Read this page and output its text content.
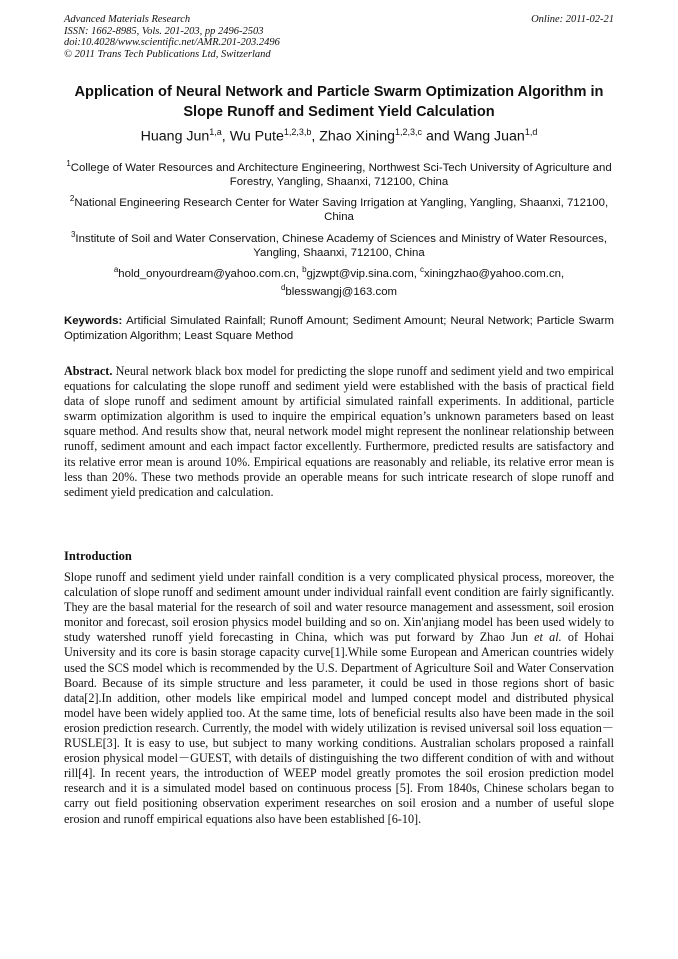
Advanced Materials Research
ISSN: 1662-8985, Vols. 201-203, pp 2496-2503
doi:10.4028/www.scientific.net/AMR.201-203.2496
© 2011 Trans Tech Publications Ltd, Switzerland
Online: 2011-02-21
Application of Neural Network and Particle Swarm Optimization Algorithm in Slope Runoff and Sediment Yield Calculation
Huang Jun$^{1,a}$, Wu Pute$^{1,2,3,b}$, Zhao Xining$^{1,2,3,c}$ and Wang Juan$^{1,d}$
$^1$College of Water Resources and Architecture Engineering, Northwest Sci-Tech University of Agriculture and Forestry, Yangling, Shaanxi, 712100, China
$^2$National Engineering Research Center for Water Saving Irrigation at Yangling, Yangling, Shaanxi, 712100, China
$^3$Institute of Soil and Water Conservation, Chinese Academy of Sciences and Ministry of Water Resources, Yangling, Shaanxi, 712100, China
$^a$hold_onyourdream@yahoo.com.cn, $^b$gjzwpt@vip.sina.com, $^c$xiningzhao@yahoo.com.cn,
$^d$blesswangj@163.com
Keywords: Artificial Simulated Rainfall; Runoff Amount; Sediment Amount; Neural Network; Particle Swarm Optimization Algorithm; Least Square Method
Abstract. Neural network black box model for predicting the slope runoff and sediment yield and two empirical equations for calculating the slope runoff and sediment yield were established with the basis of practical field data of slope runoff and sediment amount by artificial simulated rainfall experiments. In additional, particle swarm optimization algorithm is used to inquire the empirical equation’s unknown parameters based on least square method. And results show that, neural network model might represent the nonlinear relationship between runoff, sediment amount and each impact factor excellently. Furthermore, predicted results are satisfactory and its relative error mean is around 10%. Empirical equations are reasonably and reliable, its relative error mean is less than 20%. These two methods provide an operable means for such intricate research of slope runoff and sediment yield predication and calculation.
Introduction
Slope runoff and sediment yield under rainfall condition is a very complicated physical process, moreover, the calculation of slope runoff and sediment amount under individual rainfall event condition are fairly significantly. They are the basal material for the research of soil and water resource management and assessment, soil erosion monitor and forecast, soil erosion physics model building and so on. Xin'anjiang model has been used widely to study watershed runoff yield forecasting in China, which was put forward by Zhao Jun et al. of Hohai University and its core is basin storage capacity curve[1].While some European and American countries widely used the SCS model which is recommended by the U.S. Department of Agriculture Soil and Water Conservation Board. Because of its simple structure and less parameter, it could be used in those regions short of basic data[2].In addition, other models like empirical model and lumped concept model and distributed physical model have been widely applied too. At the same time, lots of beneficial results also have been made in the soil erosion prediction research. Currently, the model with widely utilization is revised universal soil loss equation－RUSLE[3]. It is easy to use, but subject to many working conditions. Australian scholars proposed a rainfall erosion physical model－GUEST, with details of distinguishing the two different condition of with and without rill[4]. In recent years, the introduction of WEEP model greatly promotes the soil erosion prediction model research and it is a simulated model based on continuous process [5]. From 1840s, Chinese scholars began to carry out field positioning observation experiment researches on soil erosion and a number of useful slope erosion and runoff empirical equations also have been established [6-10].
